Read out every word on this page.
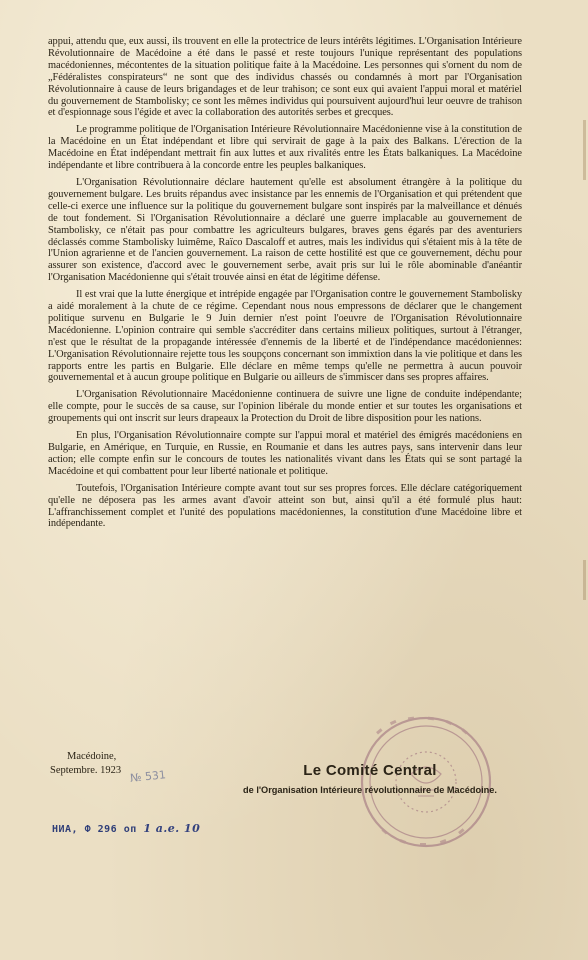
appui, attendu que, eux aussi, ils trouvent en elle la protectrice de leurs intérêts légitimes. L'Organisation Intérieure Révolutionnaire de Macédoine a été dans le passé et reste toujours l'unique représentant des populations macédoniennes, mécontentes de la situation politique faite à la Macédoine. Les personnes qui s'ornent du nom de „Fédéralistes conspirateurs“ ne sont que des individus chassés ou condamnés à mort par l'Organisation Révolutionnaire à cause de leurs brigandages et de leur trahison; ce sont eux qui avaient l'appui moral et matériel du gouvernement de Stambolisky; ce sont les mêmes individus qui poursuivent aujourd'hui leur oeuvre de trahison et d'espionnage sous l'égide et avec la collaboration des autorités serbes et grecques.

Le programme politique de l'Organisation Intérieure Révolutionnaire Macédonienne vise à la constitution de la Macédoine en un État indépendant et libre qui servirait de gage à la paix des Balkans. L'érection de la Macédoine en État indépendant mettrait fin aux luttes et aux rivalités entre les États balkaniques. La Macédoine indépendante et libre contribuera à la concorde entre les peuples balkaniques.

L'Organisation Révolutionnaire déclare hautement qu'elle est absolument étrangère à la politique du gouvernement bulgare. Les bruits répandus avec insistance par les ennemis de l'Organisation et qui prétendent que celle-ci exerce une influence sur la politique du gouvernement bulgare sont inspirés par la malveillance et dénués de tout fondement. Si l'Organisation Révolutionnaire a déclaré une guerre implacable au gouvernement de Stambolisky, ce n'était pas pour combattre les agriculteurs bulgares, braves gens égarés par des aventuriers déclassés comme Stambolisky luimême, Raïco Dascaloff et autres, mais les individus qui s'étaient mis à la tête de l'Union agrarienne et de l'ancien gouvernement. La raison de cette hostilité est que ce gouvernement, déchu pour assurer son existence, d'accord avec le gouvernement serbe, avait pris sur lui le rôle abominable d'anéantir l'Organisation Macédonienne qui s'était trouvée ainsi en état de légitime défense.

Il est vrai que la lutte énergique et intrépide engagée par l'Organisation contre le gouvernement Stambolisky a aidé moralement à la chute de ce régime. Cependant nous nous empressons de déclarer que le changement politique survenu en Bulgarie le 9 Juin dernier n'est point l'oeuvre de l'Organisation Révolutionnaire Macédonienne. L'opinion contraire qui semble s'accréditer dans certains milieux politiques, surtout à l'étranger, n'est que le résultat de la propagande intéressée d'ennemis de la liberté et de l'indépendance macédoniennes: L'Organisation Révolutionnaire rejette tous les soupçons concernant son immixtion dans la vie politique et dans les rapports entre les partis en Bulgarie. Elle déclare en même temps qu'elle ne permettra à aucun pouvoir gouvernemental et à aucun groupe politique en Bulgarie ou ailleurs de s'immiscer dans ses propres affaires.

L'Organisation Révolutionnaire Macédonienne continuera de suivre une ligne de conduite indépendante; elle compte, pour le succès de sa cause, sur l'opinion libérale du monde entier et sur toutes les organisations et groupements qui ont inscrit sur leurs drapeaux la Protection du Droit de libre disposition pour les nations.

En plus, l'Organisation Révolutionnaire compte sur l'appui moral et matériel des émigrés macédoniens en Bulgarie, en Amérique, en Turquie, en Russie, en Roumanie et dans les autres pays, sans intervenir dans leur action; elle compte enfin sur le concours de toutes les nationalités vivant dans les États qui se sont partagé la Macédoine et qui combattent pour leur liberté nationale et politique.

Toutefois, l'Organisation Intérieure compte avant tout sur ses propres forces. Elle déclare catégoriquement qu'elle ne déposera pas les armes avant d'avoir atteint son but, ainsi qu'il a été formulé plus haut: L'affranchissement complet et l'unité des populations macédoniennes, la constitution d'une Macédoine libre et indépendante.

Macédoine,
Septembre. 1923 № 531	Le Comité Central
de l'Organisation Intérieure révolutionnaire de Macédoine.
НИА, Ф 296 оп 1 а.е. 10
